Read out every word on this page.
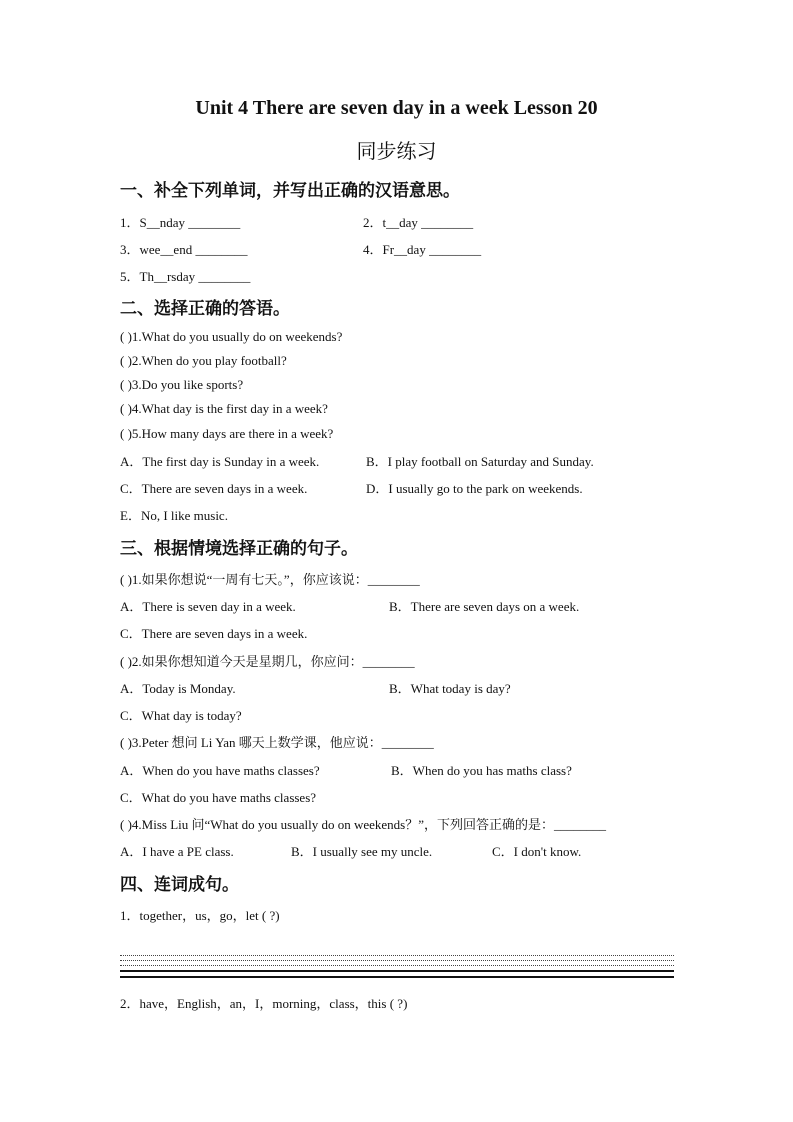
Unit 4 There are seven day in a week Lesson 20
同步练习
一、补全下列单词，并写出正确的汉语意思。
1．S__nday ________	2．t__day ________
3．wee__end ________	4．Fr__day ________
5．Th__rsday ________
二、选择正确的答语。
( )1.What do you usually do on weekends?
( )2.When do you play football?
( )3.Do you like sports?
( )4.What day is the first day in a week?
( )5.How many days are there in a week?
A．The first day is Sunday in a week.	B．I play football on Saturday and Sunday.
C．There are seven days in a week.	D．I usually go to the park on weekends.
E．No, I like music.
三、根据情境选择正确的句子。
( )1.如果你想说“一周有七天。”，你应该说：________
A．There is seven day in a week.	B．There are seven days on a week.
C．There are seven days in a week.
( )2.如果你想知道今天是星期几，你应问：________
A．Today is Monday.	B．What today is day?
C．What day is today?
( )3.Peter 想问 Li Yan 哪天上数学课，他应说：________
A．When do you have maths classes?	B．When do you has maths class?
C．What do you have maths classes?
( )4.Miss Liu 问“What do you usually do on weekends？”，下列回答正确的是：________
A．I have a PE class.	B．I usually see my uncle.	C．I don't know.
四、连词成句。
1．together，us，go，let ( ?)
2．have，English，an，I，morning，class，this ( ?)
